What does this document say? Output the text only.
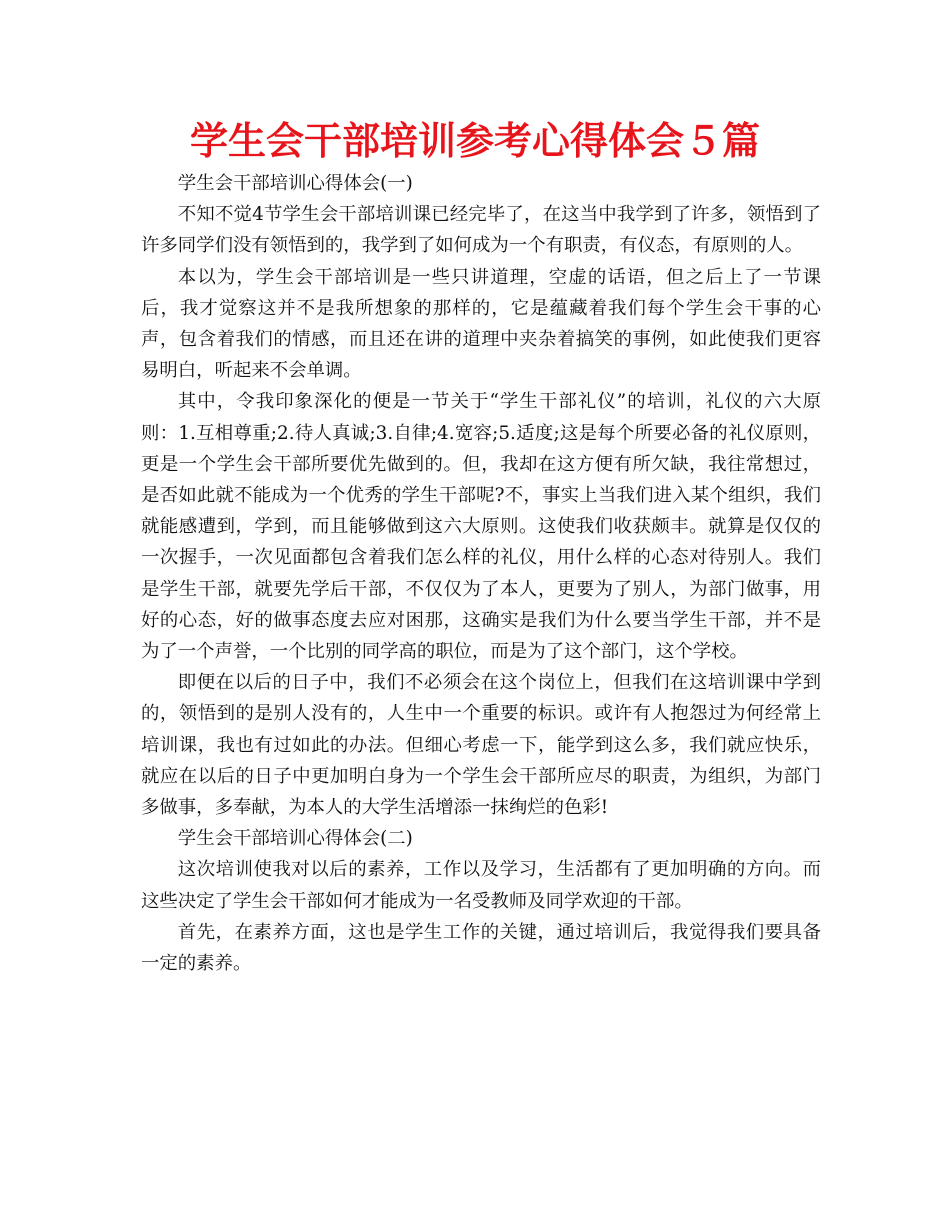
学生会干部培训参考心得体会５篇

学生会干部培训心得体会(一)

不知不觉4节学生会干部培训课已经完毕了，在这当中我学到了许多，领悟到了许多同学们没有领悟到的，我学到了如何成为一个有职责，有仪态，有原则的人。

本以为，学生会干部培训是一些只讲道理，空虚的话语，但之后上了一节课后，我才觉察这并不是我所想象的那样的，它是蕴藏着我们每个学生会干事的心声，包含着我们的情感，而且还在讲的道理中夹杂着搞笑的事例，如此使我们更容易明白，听起来不会单调。

其中，令我印象深化的便是一节关于“学生干部礼仪”的培训，礼仪的六大原则：1.互相尊重;2.待人真诚;3.自律;4.宽容;5.适度;这是每个所要必备的礼仪原则，更是一个学生会干部所要优先做到的。但，我却在这方便有所欠缺，我往常想过，是否如此就不能成为一个优秀的学生干部呢?不，事实上当我们进入某个组织，我们就能感遭到，学到，而且能够做到这六大原则。这使我们收获颇丰。就算是仅仅的一次握手，一次见面都包含着我们怎么样的礼仪，用什么样的心态对待别人。我们是学生干部，就要先学后干部，不仅仅为了本人，更要为了别人，为部门做事，用好的心态，好的做事态度去应对困那，这确实是我们为什么要当学生干部，并不是为了一个声誉，一个比别的同学高的职位，而是为了这个部门，这个学校。

即便在以后的日子中，我们不必须会在这个岗位上，但我们在这培训课中学到的，领悟到的是别人没有的，人生中一个重要的标识。或许有人抱怨过为何经常上培训课，我也有过如此的办法。但细心考虑一下，能学到这么多，我们就应快乐，就应在以后的日子中更加明白身为一个学生会干部所应尽的职责，为组织，为部门多做事，多奉献，为本人的大学生活增添一抹绚烂的色彩!

学生会干部培训心得体会(二)

这次培训使我对以后的素养，工作以及学习，生活都有了更加明确的方向。而这些决定了学生会干部如何才能成为一名受教师及同学欢迎的干部。

首先，在素养方面，这也是学生工作的关键，通过培训后，我觉得我们要具备一定的素养。
